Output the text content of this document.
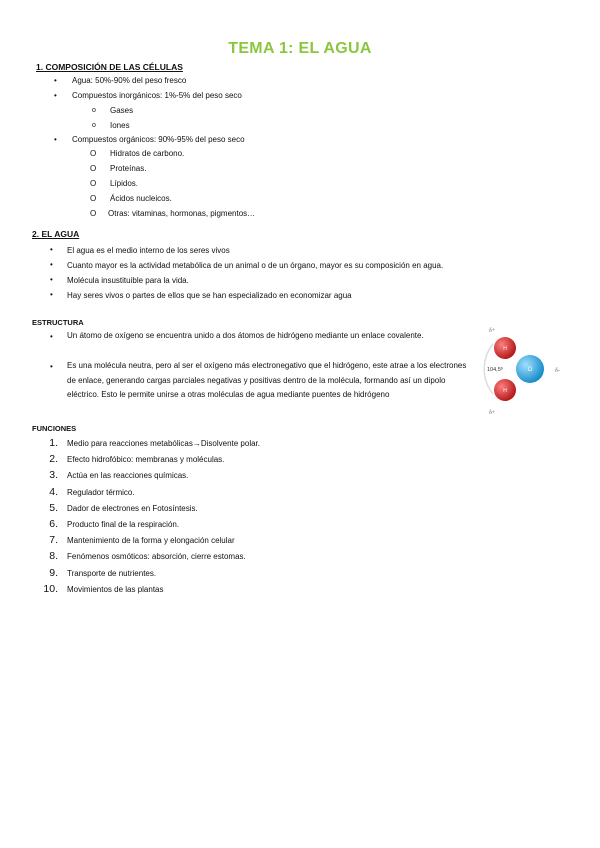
TEMA 1: EL AGUA
1. COMPOSICIÓN DE LAS CÉLULAS
• Agua: 50%-90% del peso fresco
• Compuestos inorgánicos: 1%-5% del peso seco
o Gases
o Iones
• Compuestos orgánicos: 90%-95% del peso seco
O Hidratos de carbono.
O Proteínas.
O Lípidos.
O Ácidos nucleicos.
O Otras: vitaminas, hormonas, pigmentos…
2. EL AGUA
• El agua es el medio interno de los seres vivos
• Cuanto mayor es la actividad metabólica de un animal o de un órgano, mayor es su composición en agua.
• Molécula insustituible para la vida.
• Hay seres vivos o partes de ellos que se han especializado en economizar agua
ESTRUCTURA
• Un átomo de oxígeno se encuentra unido a dos átomos de hidrógeno mediante un enlace covalente.
• Es una molécula neutra, pero al ser el oxígeno más electronegativo que el hidrógeno, este atrae a los electrones de enlace, generando cargas parciales negativas y positivas dentro de la molécula, formando así un dipolo eléctrico. Esto le permite unirse a otras moléculas de agua mediante puentes de hidrógeno
H
H
O
104,5º
δ+
δ+
δ-
FUNCIONES
1. Medio para reacciones metabólicas→Disolvente polar.
2. Efecto hidrofóbico: membranas y moléculas.
3. Actúa en las reacciones químicas.
4. Regulador térmico.
5. Dador de electrones en Fotosíntesis.
6. Producto final de la respiración.
7. Mantenimiento de la forma y elongación celular
8. Fenómenos osmóticos: absorción, cierre estomas.
9. Transporte de nutrientes.
10. Movimientos de las plantas
